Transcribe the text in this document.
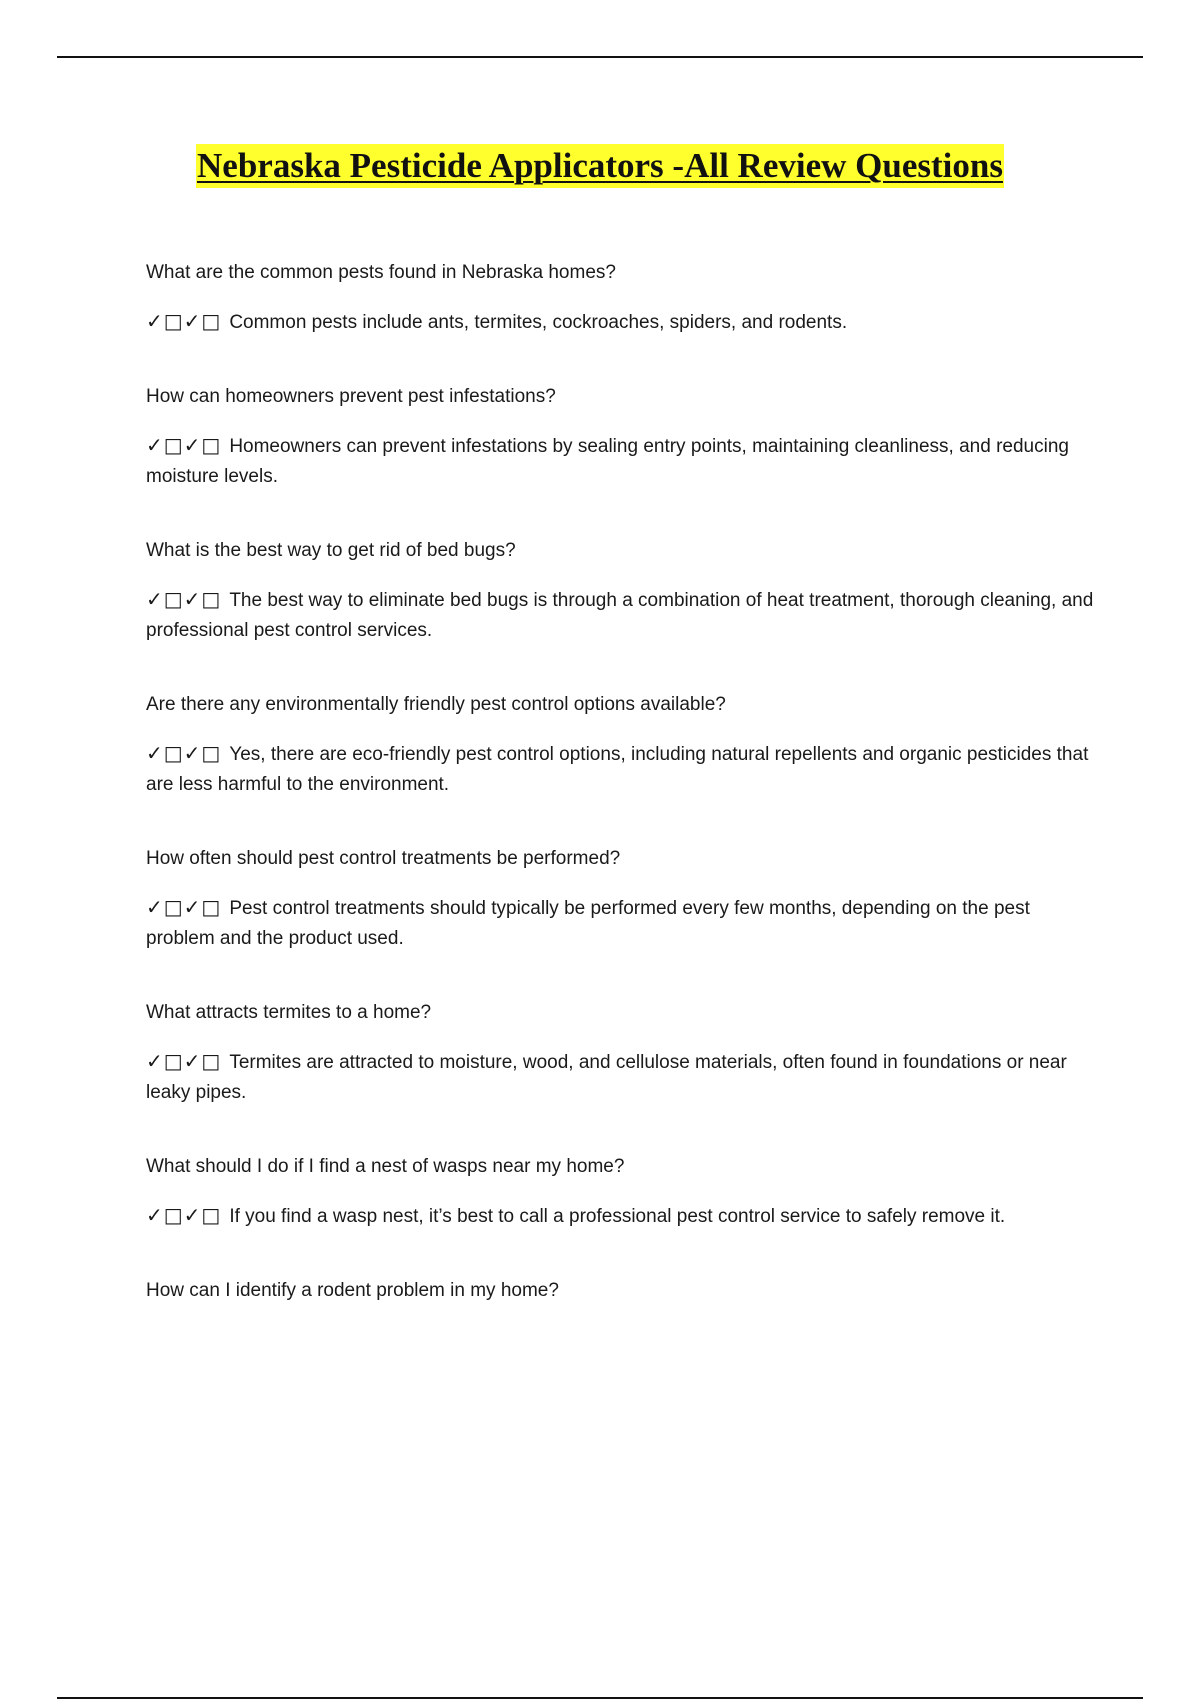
Nebraska Pesticide Applicators -All Review Questions

What are the common pests found in Nebraska homes?

✓□✓□ Common pests include ants, termites, cockroaches, spiders, and rodents.

How can homeowners prevent pest infestations?

✓□✓□ Homeowners can prevent infestations by sealing entry points, maintaining cleanliness, and reducing moisture levels.

What is the best way to get rid of bed bugs?

✓□✓□ The best way to eliminate bed bugs is through a combination of heat treatment, thorough cleaning, and professional pest control services.

Are there any environmentally friendly pest control options available?

✓□✓□ Yes, there are eco-friendly pest control options, including natural repellents and organic pesticides that are less harmful to the environment.

How often should pest control treatments be performed?

✓□✓□ Pest control treatments should typically be performed every few months, depending on the pest problem and the product used.

What attracts termites to a home?

✓□✓□ Termites are attracted to moisture, wood, and cellulose materials, often found in foundations or near leaky pipes.

What should I do if I find a nest of wasps near my home?

✓□✓□ If you find a wasp nest, it’s best to call a professional pest control service to safely remove it.

How can I identify a rodent problem in my home?
